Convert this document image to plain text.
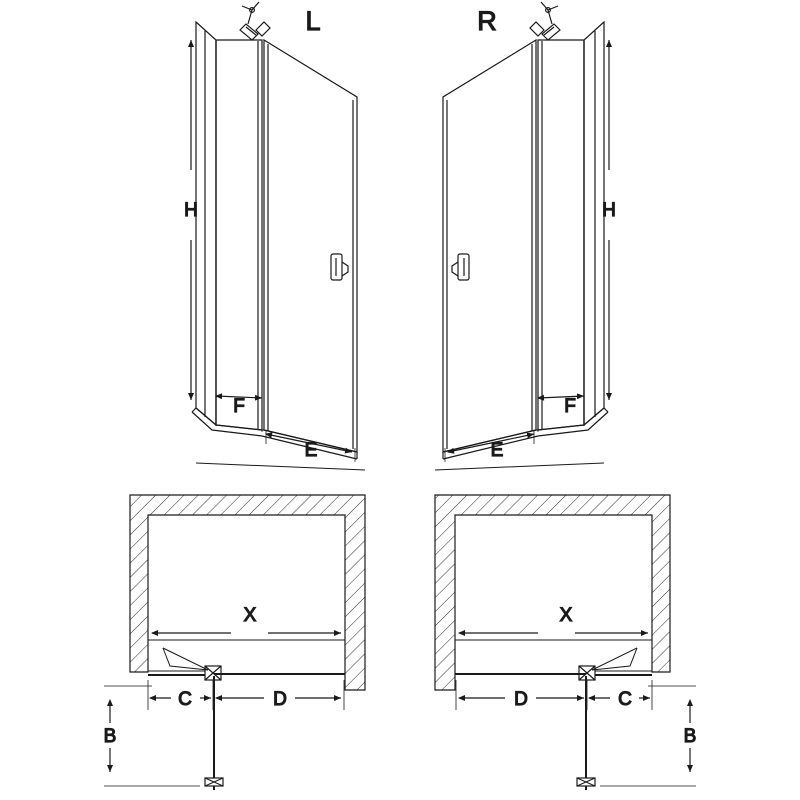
L
H
F
E
R
H
F
E
X
C	D
B
X
C
D
B
